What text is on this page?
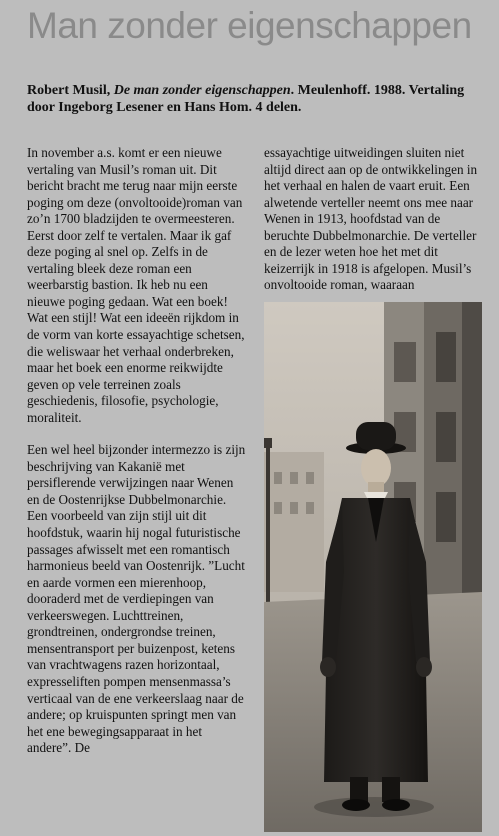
Man zonder eigenschappen
Robert Musil, De man zonder eigenschappen. Meulenhoff. 1988. Vertaling door Ingeborg Lesener en Hans Hom. 4 delen.

In november a.s. komt er een nieuwe vertaling van Musil’s roman uit. Dit bericht bracht me terug naar mijn eerste poging om deze (onvoltooide)roman van zo’n 1700 bladzijden te overmeesteren. Eerst door zelf te vertalen. Maar ik gaf deze poging al snel op. Zelfs in de vertaling bleek deze roman een weerbarstig bastion. Ik heb nu een nieuwe poging gedaan. Wat een boek! Wat een stijl! Wat een ideeën rijkdom in de vorm van korte essayachtige schetsen, die weliswaar het verhaal onderbreken, maar het boek een enorme reikwijdte geven op vele terreinen zoals geschiedenis, filosofie, psychologie, moraliteit.

Een wel heel bijzonder intermezzo is zijn beschrijving van Kakanië met persiflerende verwijzingen naar Wenen en de Oostenrijkse Dubbelmonarchie. Een voorbeeld van zijn stijl uit dit hoofdstuk, waarin hij nogal futuristische passages afwisselt met een romantisch harmonieus beeld van Oostenrijk. ”Lucht en aarde vormen een mierenhoop, dooraderd met de verdiepingen van verkeerswegen. Luchttreinen, grondtreinen, ondergrondse treinen, mensentransport per buizenpost, ketens van vrachtwagens razen horizontaal, expresseliften pompen mensenmassa’s verticaal van de ene verkeerslaag naar de andere; op kruispunten springt men van het ene bewegingsapparaat in het andere”. De

essayachtige uitweidingen sluiten niet altijd direct aan op de ontwikkelingen in het verhaal en halen de vaart eruit. Een alwetende verteller neemt ons mee naar Wenen in 1913, hoofdstad van de beruchte Dubbelmonarchie. De verteller en de lezer weten hoe het met dit keizerrijk in 1918 is afgelopen. Musil’s onvoltooide roman, waaraan
